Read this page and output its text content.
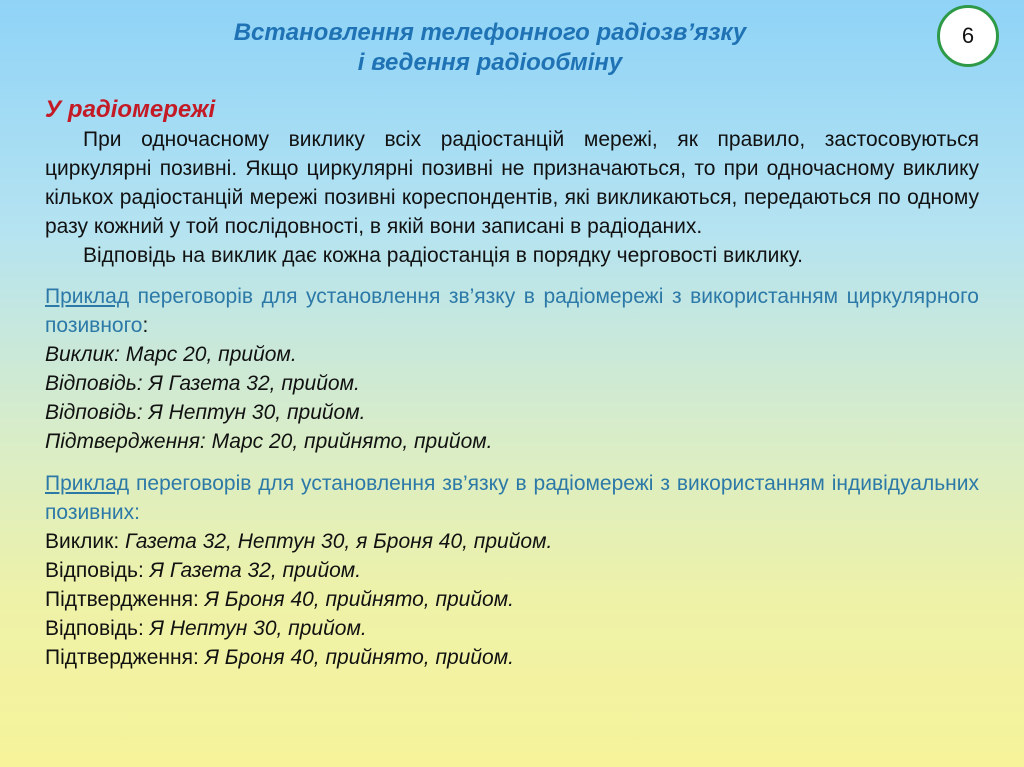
Встановлення телефонного радіозв’язку
і ведення радіообміну
6

У радіомережі

При одночасному виклику всіх радіостанцій мережі, як правило, застосовуються циркулярні позивні. Якщо циркулярні позивні не призначаються, то при одночасному виклику кількох радіостанцій мережі позивні кореспондентів, які викликаються, передаються по одному разу кожний у той послідовності, в якій вони записані в радіоданих.

Відповідь на виклик дає кожна радіостанція в порядку черговості виклику.

Приклад переговорів для установлення зв’язку в радіомережі з використанням циркулярного позивного:

Виклик: Марс 20, прийом.

Відповідь: Я Газета 32, прийом.

Відповідь: Я Нептун 30, прийом.

Підтвердження: Марс 20, прийнято, прийом.

Приклад переговорів для установлення зв’язку в радіомережі з використанням індивідуальних позивних:

Виклик: Газета 32, Нептун 30, я Броня 40, прийом.

Відповідь: Я Газета 32, прийом.

Підтвердження: Я Броня 40, прийнято, прийом.

Відповідь: Я Нептун 30, прийом.

Підтвердження: Я Броня 40, прийнято, прийом.
